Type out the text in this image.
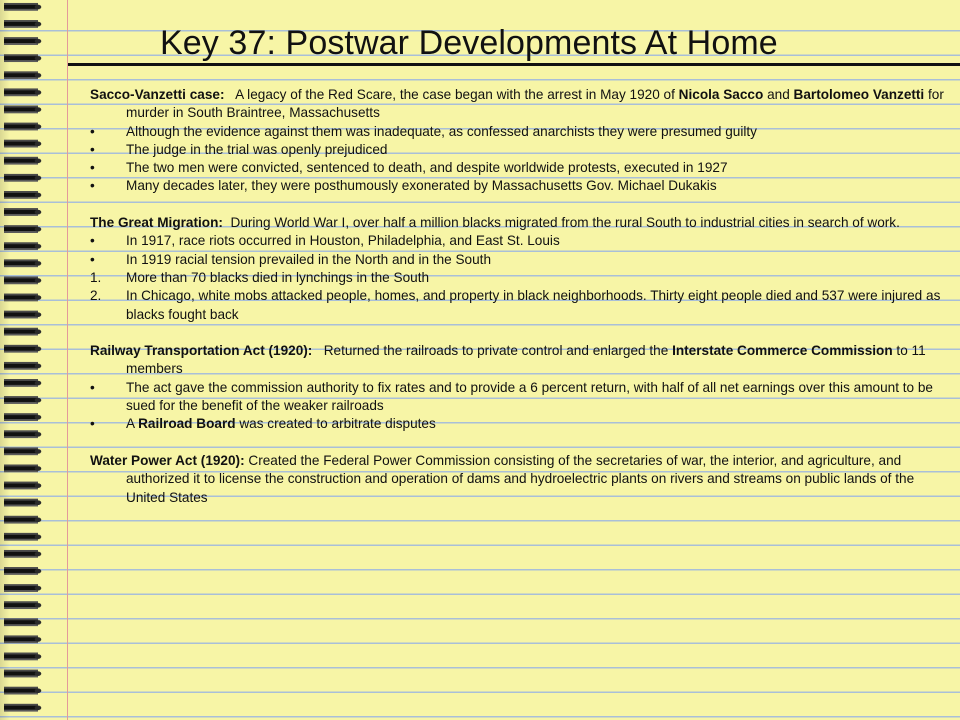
Key 37: Postwar Developments At Home

Sacco-Vanzetti case: A legacy of the Red Scare, the case began with the arrest in May 1920 of Nicola Sacco and Bartolomeo Vanzetti for murder in South Braintree, Massachusetts

• Although the evidence against them was inadequate, as confessed anarchists they were presumed guilty

• The judge in the trial was openly prejudiced

• The two men were convicted, sentenced to death, and despite worldwide protests, executed in 1927

• Many decades later, they were posthumously exonerated by Massachusetts Gov. Michael Dukakis

The Great Migration: During World War I, over half a million blacks migrated from the rural South to industrial cities in search of work.

• In 1917, race riots occurred in Houston, Philadelphia, and East St. Louis

• In 1919 racial tension prevailed in the North and in the South

1. More than 70 blacks died in lynchings in the South

2. In Chicago, white mobs attacked people, homes, and property in black neighborhoods. Thirty eight people died and 537 were injured as blacks fought back

Railway Transportation Act (1920): Returned the railroads to private control and enlarged the Interstate Commerce Commission to 11 members

• The act gave the commission authority to fix rates and to provide a 6 percent return, with half of all net earnings over this amount to be sued for the benefit of the weaker railroads

• A Railroad Board was created to arbitrate disputes

Water Power Act (1920): Created the Federal Power Commission consisting of the secretaries of war, the interior, and agriculture, and authorized it to license the construction and operation of dams and hydroelectric plants on rivers and streams on public lands of the United States
